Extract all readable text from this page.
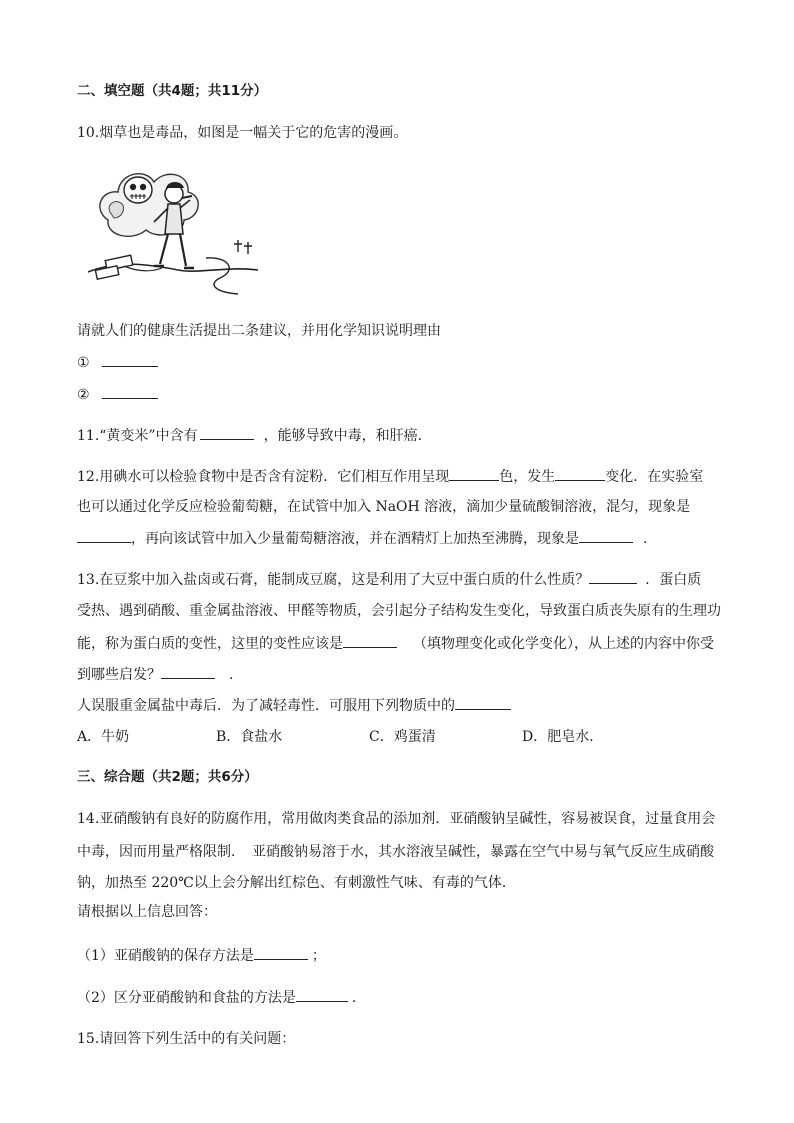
二、填空题（共4题；共11分）
10.烟草也是毒品，如图是一幅关于它的危害的漫画。
请就人们的健康生活提出二条建议，并用化学知识说明理由
①
②
11.“黄变米”中含有	，能够导致中毒，和肝癌.
12.用碘水可以检验食物中是否含有淀粉．它们相互作用呈现	色，发生	变化．在实验室
也可以通过化学反应检验葡萄糖，在试管中加入 NaOH 溶液，滴加少量硫酸铜溶液，混匀，现象是
，再向该试管中加入少量葡萄糖溶液，并在酒精灯上加热至沸腾，现象是	.
13.在豆浆中加入盐卤或石膏，能制成豆腐，这是利用了大豆中蛋白质的什么性质？	．蛋白质
受热、遇到硝酸、重金属盐溶液、甲醛等物质，会引起分子结构发生变化，导致蛋白质丧失原有的生理功
能，称为蛋白质的变性，这里的变性应该是	（填物理变化或化学变化），从上述的内容中你受
到哪些启发？	.
人误服重金属盐中毒后．为了减轻毒性．可服用下列物质中的
A．牛奶	B．食盐水	C．鸡蛋清	D．肥皂水．
三、综合题（共2题；共6分）
14.亚硝酸钠有良好的防腐作用，常用做肉类食品的添加剂．亚硝酸钠呈碱性，容易被误食，过量食用会
中毒，因而用量严格限制．　亚硝酸钠易溶于水，其水溶液呈碱性，暴露在空气中易与氧气反应生成硝酸
钠，加热至 220℃以上会分解出红棕色、有刺激性气味、有毒的气体．
请根据以上信息回答：
（1）亚硝酸钠的保存方法是	；
（2）区分亚硝酸钠和食盐的方法是	.
15.请回答下列生活中的有关问题：
